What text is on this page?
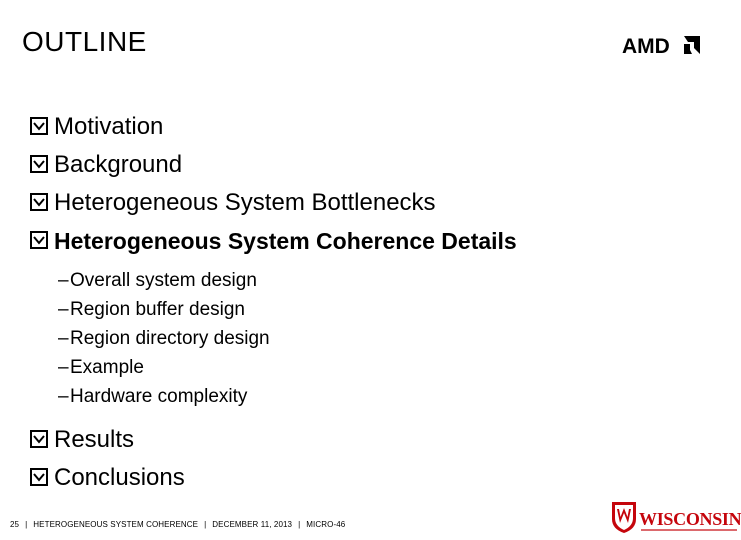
OUTLINE	AMD
Motivation
Background
Heterogeneous System Bottlenecks
Heterogeneous System Coherence Details
–Overall system design
–Region buffer design
–Region directory design
–Example
–Hardware complexity
Results
Conclusions
25 | HETEROGENEOUS SYSTEM COHERENCE | DECEMBER 11, 2013 | MICRO-46	WISCONSIN
